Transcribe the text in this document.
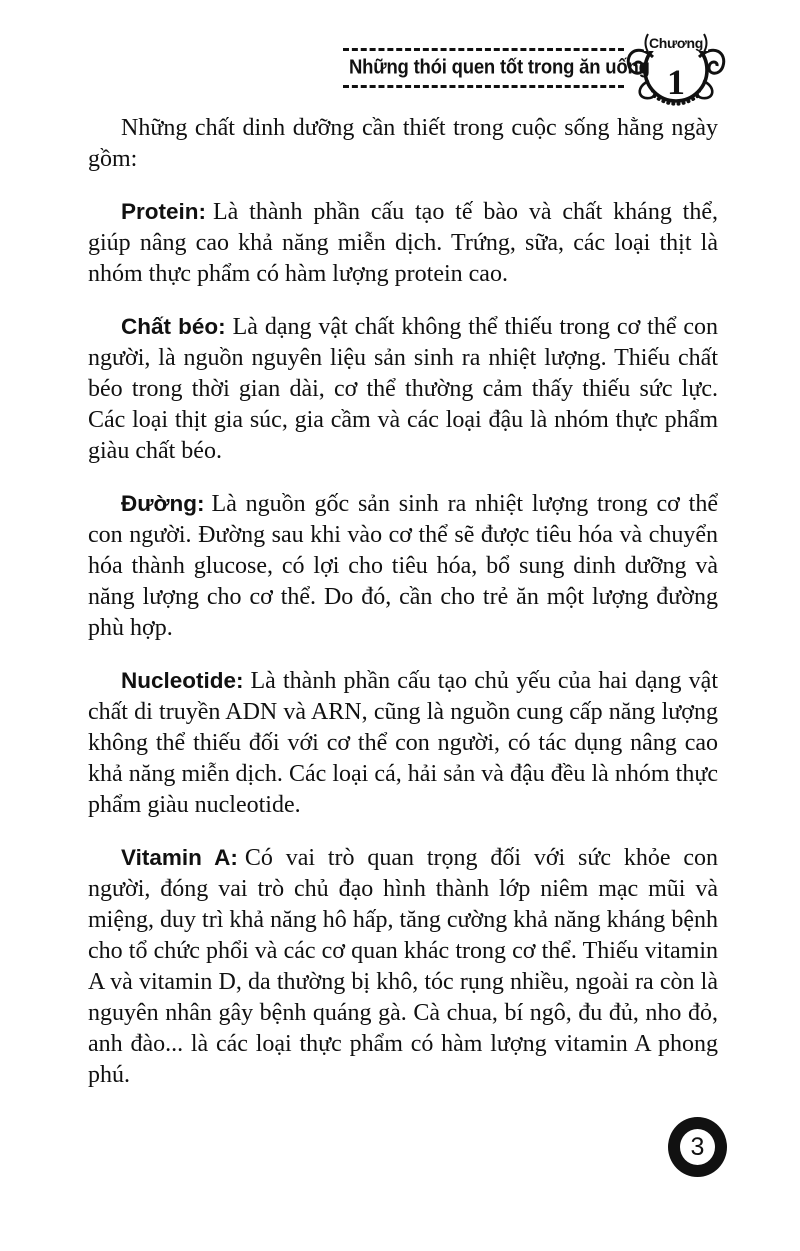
Những thói quen tốt trong ăn uống
Chương
1

Những chất dinh dưỡng cần thiết trong cuộc sống hằng ngày gồm:

Protein: Là thành phần cấu tạo tế bào và chất kháng thể, giúp nâng cao khả năng miễn dịch. Trứng, sữa, các loại thịt là nhóm thực phẩm có hàm lượng protein cao.

Chất béo: Là dạng vật chất không thể thiếu trong cơ thể con người, là nguồn nguyên liệu sản sinh ra nhiệt lượng. Thiếu chất béo trong thời gian dài, cơ thể thường cảm thấy thiếu sức lực. Các loại thịt gia súc, gia cầm và các loại đậu là nhóm thực phẩm giàu chất béo.

Đường: Là nguồn gốc sản sinh ra nhiệt lượng trong cơ thể con người. Đường sau khi vào cơ thể sẽ được tiêu hóa và chuyển hóa thành glucose, có lợi cho tiêu hóa, bổ sung dinh dưỡng và năng lượng cho cơ thể. Do đó, cần cho trẻ ăn một lượng đường phù hợp.

Nucleotide: Là thành phần cấu tạo chủ yếu của hai dạng vật chất di truyền ADN và ARN, cũng là nguồn cung cấp năng lượng không thể thiếu đối với cơ thể con người, có tác dụng nâng cao khả năng miễn dịch. Các loại cá, hải sản và đậu đều là nhóm thực phẩm giàu nucleotide.

Vitamin A: Có vai trò quan trọng đối với sức khỏe con người, đóng vai trò chủ đạo hình thành lớp niêm mạc mũi và miệng, duy trì khả năng hô hấp, tăng cường khả năng kháng bệnh cho tổ chức phổi và các cơ quan khác trong cơ thể. Thiếu vitamin A và vitamin D, da thường bị khô, tóc rụng nhiều, ngoài ra còn là nguyên nhân gây bệnh quáng gà. Cà chua, bí ngô, đu đủ, nho đỏ, anh đào... là các loại thực phẩm có hàm lượng vitamin A phong phú.

3
